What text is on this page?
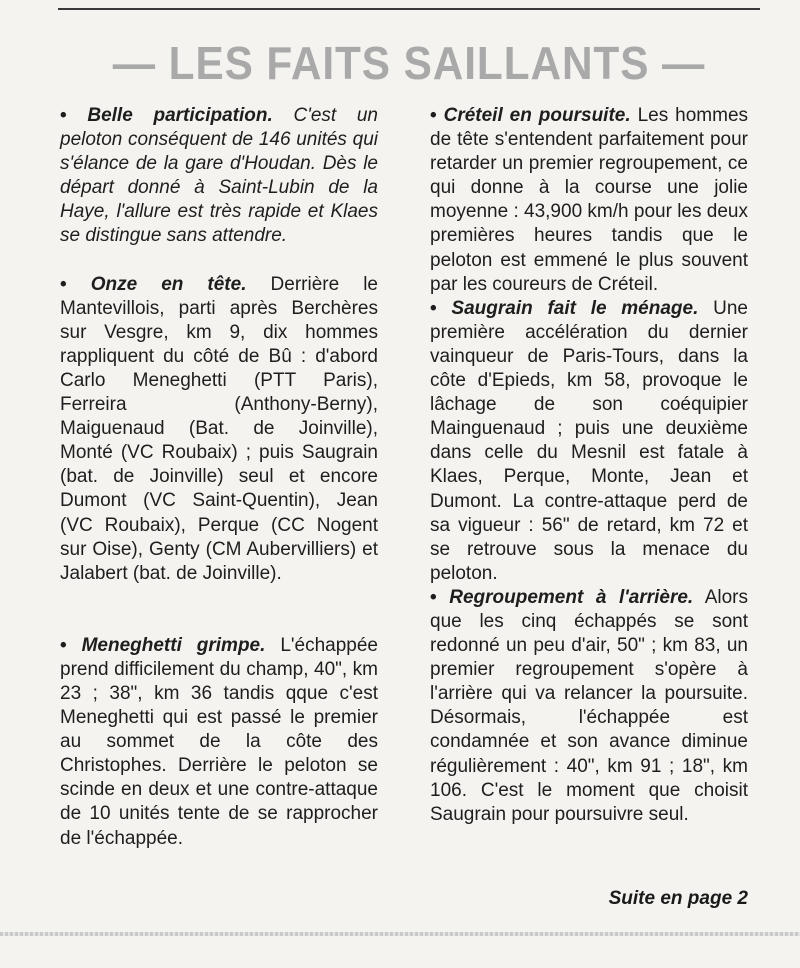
— LES FAITS SAILLANTS —

• Belle participation. C'est un peloton conséquent de 146 unités qui s'élance de la gare d'Houdan. Dès le départ donné à Saint-Lubin de la Haye, l'allure est très rapide et Klaes se distingue sans attendre.

• Onze en tête. Derrière le Mantevillois, parti après Berchères sur Vesgre, km 9, dix hommes rappliquent du côté de Bû : d'abord Carlo Meneghetti (PTT Paris), Ferreira (Anthony-Berny), Maiguenaud (Bat. de Joinville), Monté (VC Roubaix) ; puis Saugrain (bat. de Joinville) seul et encore Dumont (VC Saint-Quentin), Jean (VC Roubaix), Perque (CC Nogent sur Oise), Genty (CM Aubervilliers) et Jalabert (bat. de Joinville).

• Meneghetti grimpe. L'échappée prend difficilement du champ, 40", km 23 ; 38", km 36 tandis qque c'est Meneghetti qui est passé le premier au sommet de la côte des Christophes. Derrière le peloton se scinde en deux et une contre-attaque de 10 unités tente de se rapprocher de l'échappée.

• Créteil en poursuite. Les hommes de tête s'entendent parfaitement pour retarder un premier regroupement, ce qui donne à la course une jolie moyenne : 43,900 km/h pour les deux premières heures tandis que le peloton est emmené le plus souvent par les coureurs de Créteil.

• Saugrain fait le ménage. Une première accélération du dernier vainqueur de Paris-Tours, dans la côte d'Epieds, km 58, provoque le lâchage de son coéquipier Mainguenaud ; puis une deuxième dans celle du Mesnil est fatale à Klaes, Perque, Monte, Jean et Dumont. La contre-attaque perd de sa vigueur : 56" de retard, km 72 et se retrouve sous la menace du peloton.

• Regroupement à l'arrière. Alors que les cinq échappés se sont redonné un peu d'air, 50" ; km 83, un premier regroupement s'opère à l'arrière qui va relancer la poursuite. Désormais, l'échappée est condamnée et son avance diminue régulièrement : 40", km 91 ; 18", km 106. C'est le moment que choisit Saugrain pour poursuivre seul.

Suite en page 2
